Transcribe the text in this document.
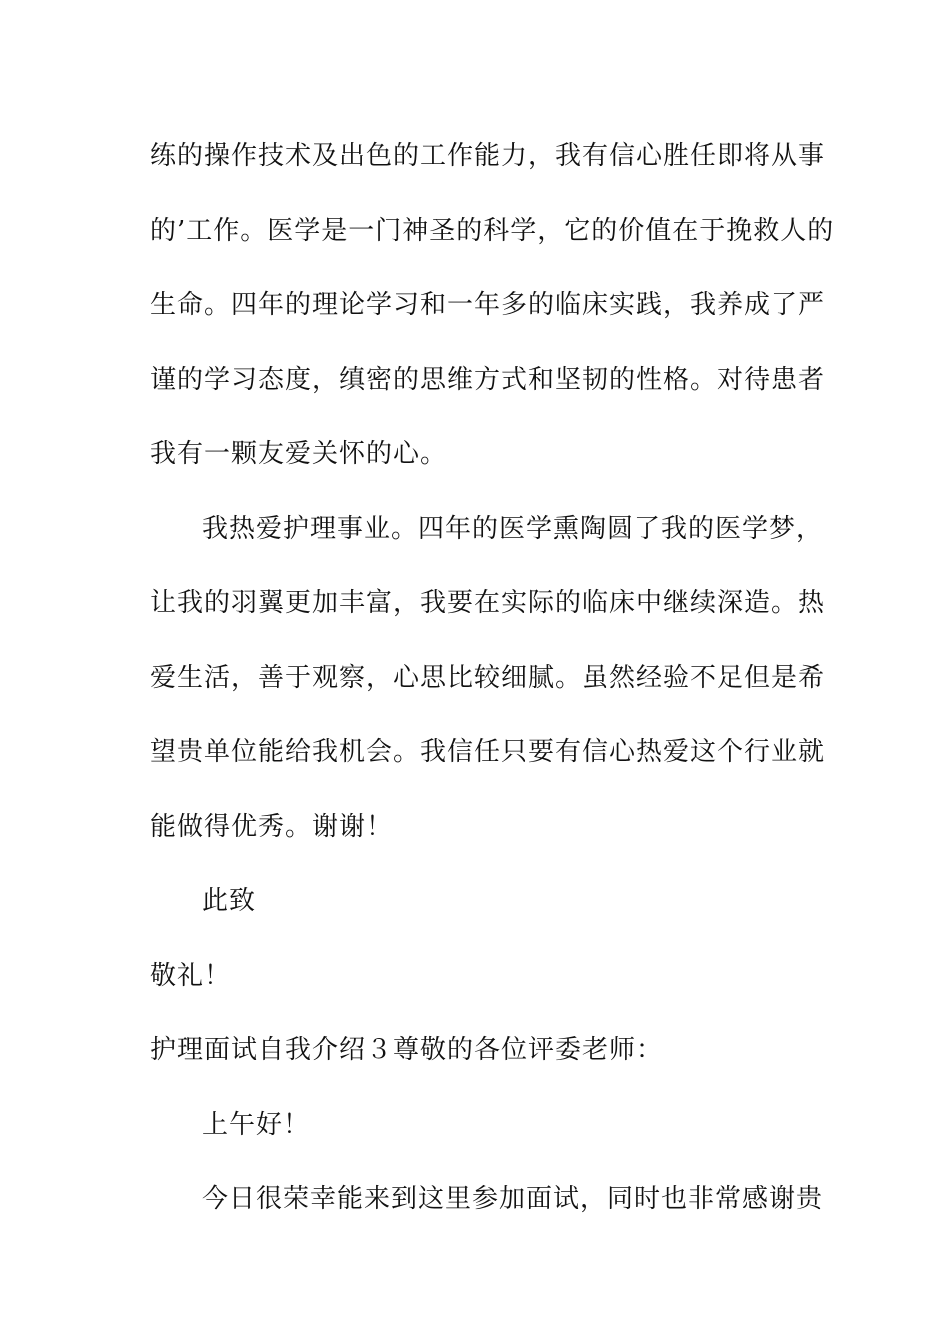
练的操作技术及出色的工作能力，我有信心胜任即将从事
的’工作。医学是一门神圣的科学，它的价值在于挽救人的
生命。四年的理论学习和一年多的临床实践，我养成了严
谨的学习态度，缜密的思维方式和坚韧的性格。对待患者
我有一颗友爱关怀的心。
我热爱护理事业。四年的医学熏陶圆了我的医学梦，
让我的羽翼更加丰富，我要在实际的临床中继续深造。热
爱生活，善于观察，心思比较细腻。虽然经验不足但是希
望贵单位能给我机会。我信任只要有信心热爱这个行业就
能做得优秀。谢谢！
此致
敬礼！
护理面试自我介绍３尊敬的各位评委老师：
上午好！
今日很荣幸能来到这里参加面试，同时也非常感谢贵
